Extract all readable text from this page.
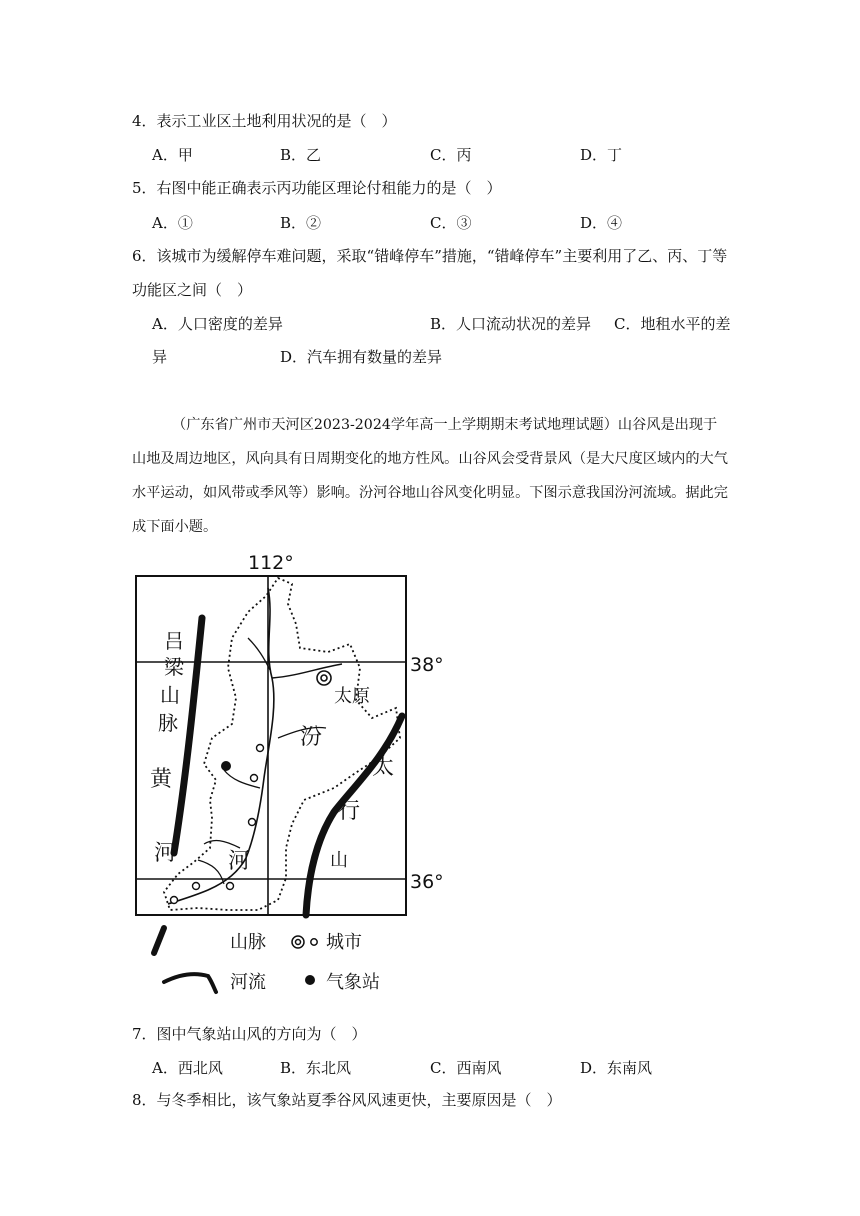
4．表示工业区土地利用状况的是（　）
A．甲	B．乙	C．丙	D．丁
5．右图中能正确表示丙功能区理论付租能力的是（　）
A．①	B．②	C．③	D．④
6．该城市为缓解停车难问题，采取“错峰停车”措施，“错峰停车”主要利用了乙、丙、丁等
功能区之间（　）
A．人口密度的差异	B．人口流动状况的差异 C．地租水平的差
异	D．汽车拥有数量的差异
（广东省广州市天河区2023-2024学年高一上学期期末考试地理试题）山谷风是出现于山地及周边地区，风向具有日周期变化的地方性风。山谷风会受背景风（是大尺度区域内的大气水平运动，如风带或季风等）影响。汾河谷地山谷风变化明显。下图示意我国汾河流域。据此完成下面小题。
112°
38°
36°
太原
汾
河
黄
河
吕
梁
山
脉
太
行
山
山脉	城市
河流	气象站
7．图中气象站山风的方向为（　）
A．西北风	B．东北风	C．西南风	D．东南风
8．与冬季相比，该气象站夏季谷风风速更快，主要原因是（　）
